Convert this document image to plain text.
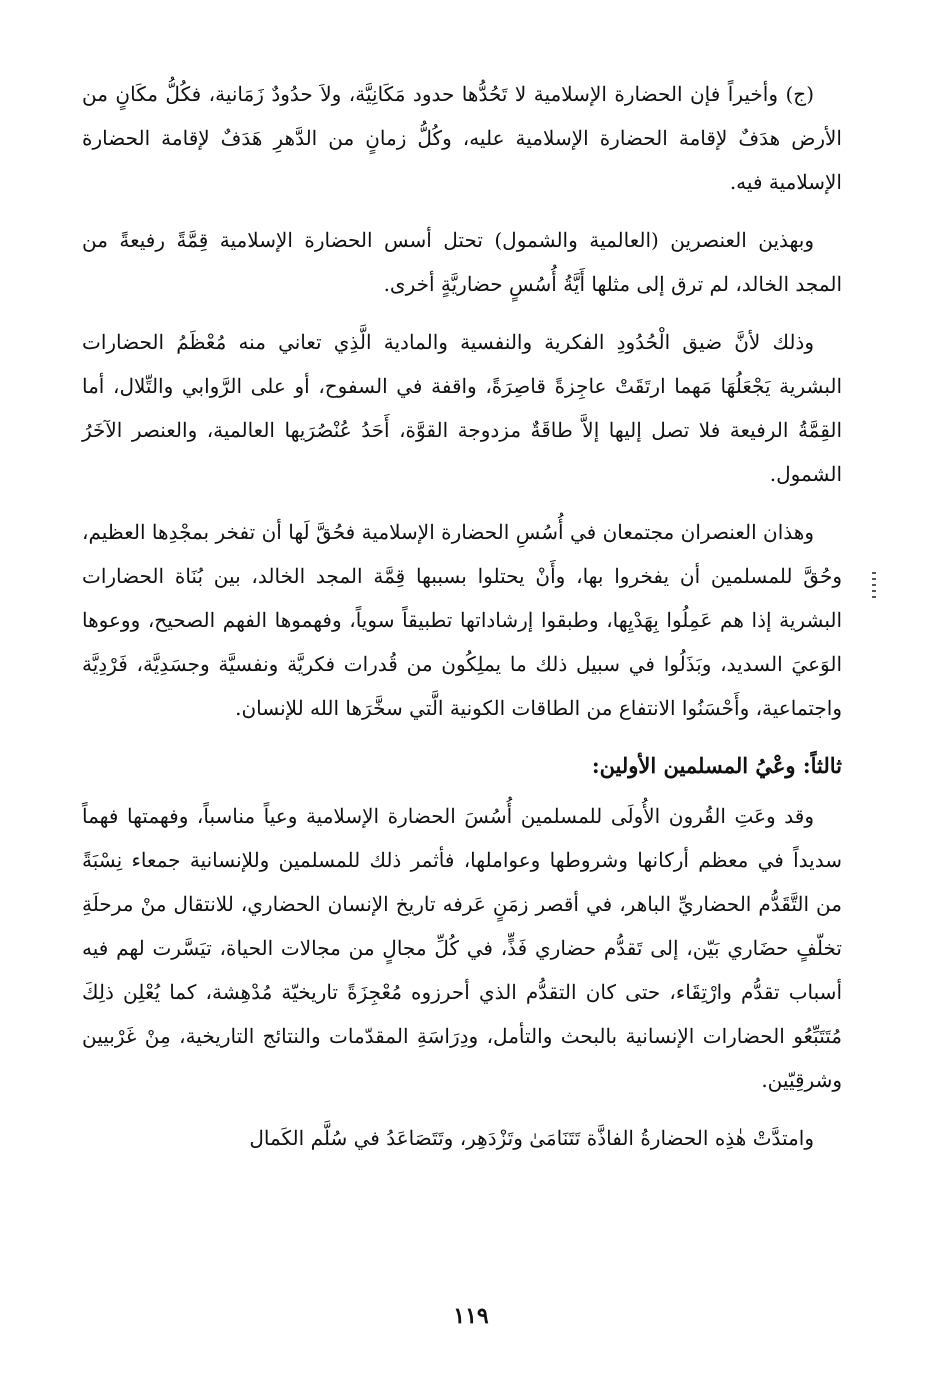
(ج) وأخيراً فإن الحضارة الإسلامية لا تَحُدُّها حدود مَكَانِيَّة، ولاَ حدُودٌ زَمَانية، فكُلُّ مكَانٍ من الأرض هدَفٌ لإقامة الحضارة الإسلامية عليه، وكُلُّ زمانٍ من الدَّهرِ هَدَفٌ لإقامة الحضارة الإسلامية فيه.

وبهذين العنصرين (العالمية والشمول) تحتل أسس الحضارة الإسلامية قِمَّةً رفيعةً من المجد الخالد، لم ترق إلى مثلها أَيَّةُ أُسُسٍ حضاريَّةٍ أخرى.

وذلك لأنَّ ضيق الْحُدُودِ الفكرية والنفسية والمادية الَّذِي تعاني منه مُعْظَمُ الحضارات البشرية يَجْعَلُهَا مَهما ارتَقَتْ عاجِزةً قاصِرَةً، واقفة في السفوح، أو على الرَّوابي والتِّلال، أما القِمَّةُ الرفيعة فلا تصل إليها إلاَّ طاقَةٌ مزدوجة القوَّة، أَحَدُ عُنْصُرَيها العالمية، والعنصر الآخَرُ الشمول.

وهذان العنصران مجتمعان في أُسُسِ الحضارة الإسلامية فحُقَّ لَها أن تفخر بمجْدِها العظيم، وحُقَّ للمسلمين أن يفخروا بها، وأَنْ يحتلوا بسببها قِمَّة المجد الخالد، بين بُنَاة الحضارات البشرية إذا هم عَمِلُوا بِهَدْيِها، وطبقوا إرشاداتها تطبيقاً سوياً، وفهموها الفهم الصحيح، ووعوها الوَعيَ السديد، وبَذَلُوا في سبيل ذلك ما يملِكُون من قُدرات فكريَّة ونفسيَّة وجسَدِيَّة، فَرْدِيَّة واجتماعية، وأَحْسَنُوا الانتفاع من الطاقات الكونية الَّتي سخَّرَها الله للإنسان.

ثالثاً: وعْيُ المسلمين الأولين:

وقد وعَتِ القُرون الأُولَى للمسلمين أُسُسَ الحضارة الإسلامية وعياً مناسباً، وفهمتها فهماً سديداً في معظم أركانها وشروطها وعواملها، فأثمر ذلك للمسلمين وللإنسانية جمعاء نِسْبَةً من التَّقَدُّم الحضاريِّ الباهر، في أقصر زمَنٍ عَرفه تاريخ الإنسان الحضاري، للانتقال منْ مرحلَةِ تخلّفٍ حضَاري بَيّن، إلى تَقدُّم حضاري فَذٍّ، في كُلِّ مجالٍ من مجالات الحياة، تيَسَّرت لهم فيه أسباب تقدُّم وارْتِقَاء، حتى كان التقدُّم الذي أحرزوه مُعْجِزَةً تاريخيّة مُدْهِشة، كما يُعْلِن ذلِكَ مُتَتَبِّعُو الحضارات الإنسانية بالبحث والتأمل، ودِرَاسَةِ المقدّمات والنتائج التاريخية، مِنْ غَرْبيين وشرقِيّين.

وامتدَّتْ هٰذِه الحضارةُ الفاذَّة تَتَنَامَىٰ وتَزْدَهِر، وتَتَصَاعَدُ في سُلَّم الكَمال

١١٩
